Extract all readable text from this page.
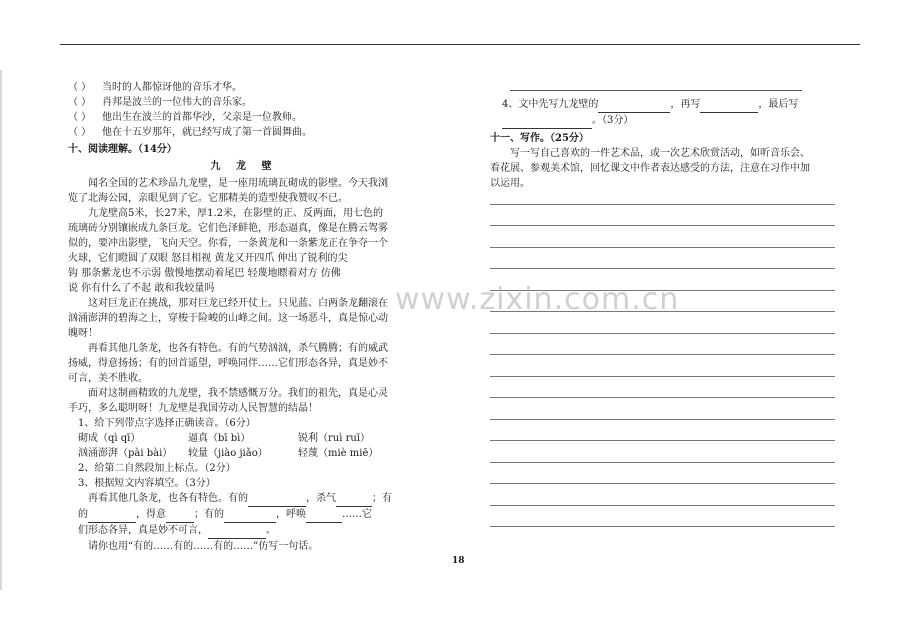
（ ） 当时的人都惊讶他的音乐才华。
（ ） 肖邦是波兰的一位伟大的音乐家。
（ ） 他出生在波兰的首都华沙，父亲是一位教师。
（ ） 他在十五岁那年，就已经写成了第一首圆舞曲。
十、阅读理解。（14分）
九 龙 壁
闻名全国的艺术珍品九龙壁，是一座用琉璃瓦砌成的影壁。今天我浏
览了北海公园，亲眼见到了它。它那精美的造型使我赞叹不已。
九龙壁高5米，长27米，厚1.2米，在影壁的正、反两面，用七色的
琉璃砖分别镶嵌成九条巨龙。它们色泽鲜艳，形态逼真，像是在腾云驾雾
似的，要冲出影壁，飞向天空。你看，一条黄龙和一条紫龙正在争夺一个
火球，它们瞪圆了双眼 怒目相视 黄龙又开四爪 伸出了锐利的尖
钩 那条紫龙也不示弱 傲慢地摆动着尾巴 轻蔑地瞟着对方 仿佛
说 你有什么了不起 敢和我较量吗
这对巨龙正在挑战，那对巨龙已经开仗上。只见蓝、白两条龙翻滚在
汹涌澎湃的碧海之上，穿梭于险峻的山峰之间。这一场恶斗，真是惊心动
魄呀！
再看其他几条龙，也各有特色。有的气势汹汹，杀气腾腾；有的威武
扬威，得意扬扬；有的回首遥望，呼唤同伴……它们形态各异，真是妙不
可言，美不胜收。
面对这制画精致的九龙壁，我不禁感慨万分。我们的祖先，真是心灵
手巧，多么聪明呀！九龙壁是我国劳动人民智慧的结晶！
1、给下列带点字选择正确读音。（6分）
砌成（qì qī）	逼真（bī bì）	锐利（ruì ruī）
汹涌澎湃（pài bài） 较量（jiào jiǎo）	轻蔑（miè miē）
2、给第二自然段加上标点。（2分）
3、根据短文内容填空。（3分）
再看其他几条龙，也各有特色。有的	，杀气	；有
的	，得意	；有的	，呼唤	……它
们形态各异，真是妙不可言，	。
请你也用“有的……有的……有的……”仿写一句话。
4、文中先写九龙壁的	，再写	，最后写
。（3分）
十一、写作。（25分）
写一写自己喜欢的一件艺术品，或一次艺术欣赏活动，如听音乐会、
看花展、参观美术馆，回忆课文中作者表达感受的方法，注意在习作中加
以运用。
www.zixin.com.cn
18
